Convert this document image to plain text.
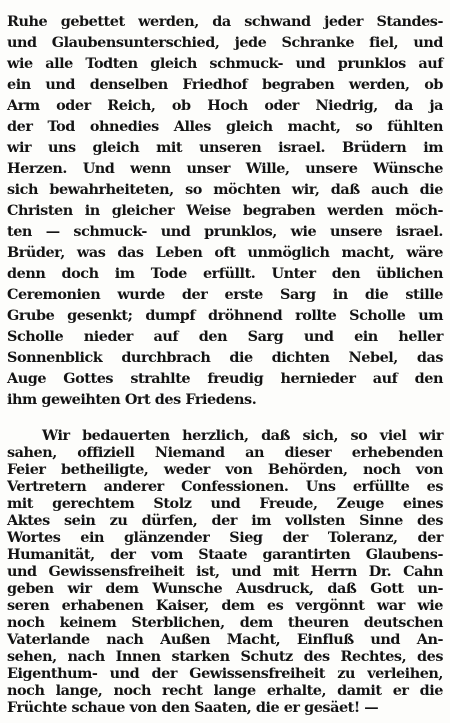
Ruhe gebettet werden, da schwand jeder Standes-
und Glaubensunterschied, jede Schranke fiel, und
wie alle Todten gleich schmuck- und prunklos auf
ein und denselben Friedhof begraben werden, ob
Arm oder Reich, ob Hoch oder Niedrig, da ja
der Tod ohnedies Alles gleich macht, so fühlten
wir uns gleich mit unseren israel. Brüdern im
Herzen. Und wenn unser Wille, unsere Wünsche
sich bewahrheiteten, so möchten wir, daß auch die
Christen in gleicher Weise begraben werden möch-
ten — schmuck- und prunklos, wie unsere israel.
Brüder, was das Leben oft unmöglich macht, wäre
denn doch im Tode erfüllt. Unter den üblichen
Ceremonien wurde der erste Sarg in die stille
Grube gesenkt; dumpf dröhnend rollte Scholle um
Scholle nieder auf den Sarg und ein heller
Sonnenblick durchbrach die dichten Nebel, das
Auge Gottes strahlte freudig hernieder auf den
ihm geweihten Ort des Friedens.
Wir bedauerten herzlich, daß sich, so viel wir
sahen, offiziell Niemand an dieser erhebenden
Feier betheiligte, weder von Behörden, noch von
Vertretern anderer Confessionen. Uns erfüllte es
mit gerechtem Stolz und Freude, Zeuge eines
Aktes sein zu dürfen, der im vollsten Sinne des
Wortes ein glänzender Sieg der Toleranz, der
Humanität, der vom Staate garantirten Glaubens-
und Gewissensfreiheit ist, und mit Herrn Dr. Cahn
geben wir dem Wunsche Ausdruck, daß Gott un-
seren erhabenen Kaiser, dem es vergönnt war wie
noch keinem Sterblichen, dem theuren deutschen
Vaterlande nach Außen Macht, Einfluß und An-
sehen, nach Innen starken Schutz des Rechtes, des
Eigenthum- und der Gewissensfreiheit zu verleihen,
noch lange, noch recht lange erhalte, damit er die
Früchte schaue von den Saaten, die er gesäet! —
